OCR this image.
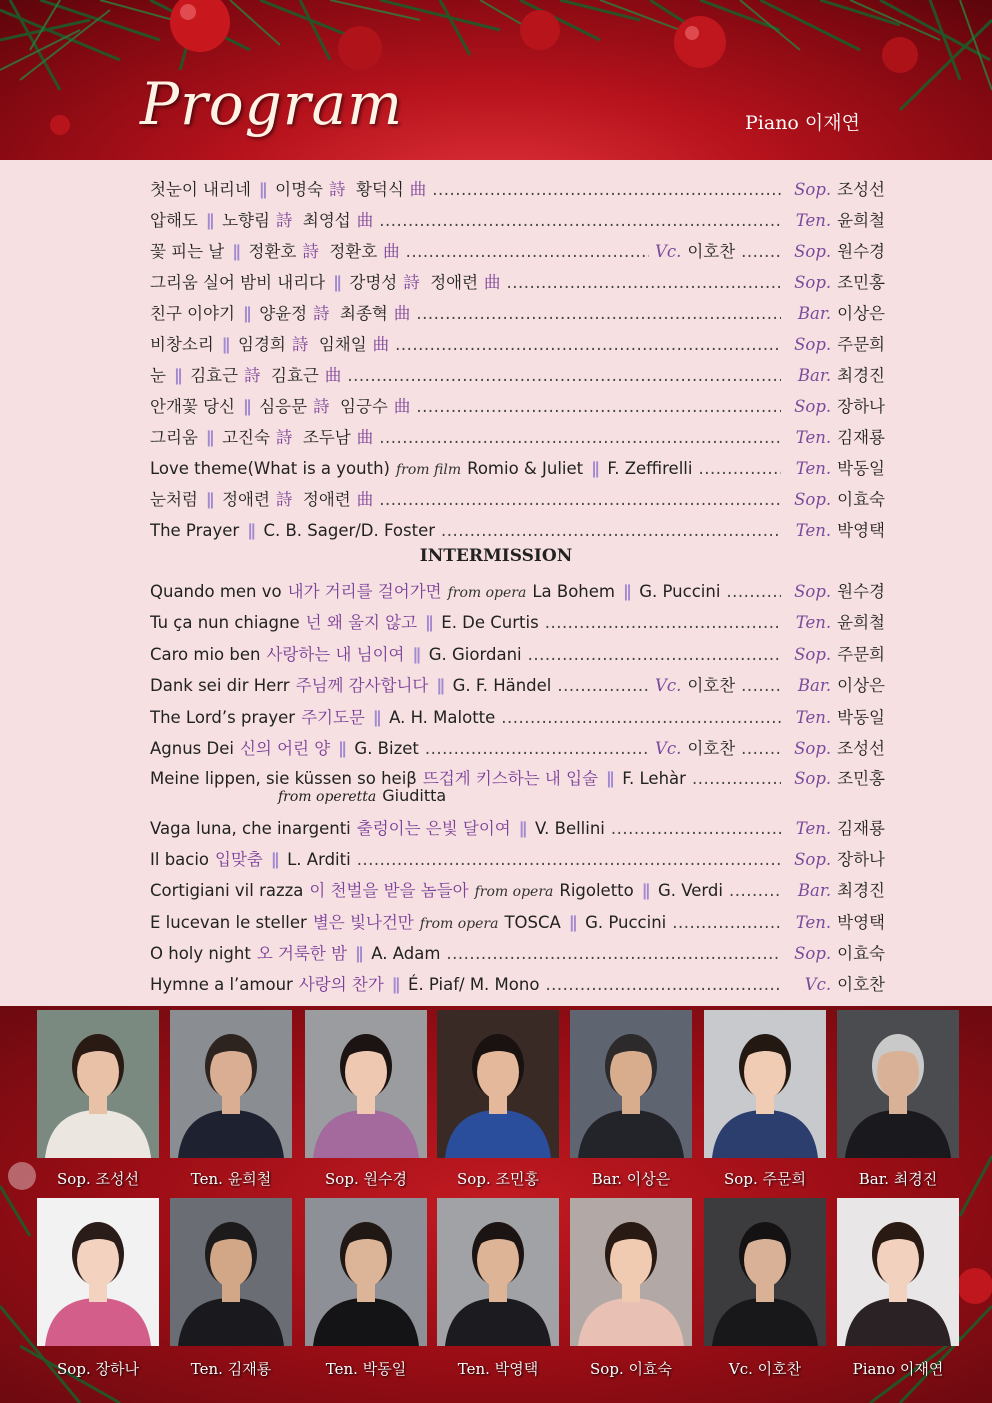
Program	Piano 이재연
첫눈이 내리네 ∥ 이명숙 詩 황덕식 曲 .....	Sop. 조성선
압해도 ∥ 노향림 詩 최영섭 曲 .....	Ten. 윤희철
꽃 피는 날 ∥ 정환호 詩 정환호 曲 .....	Vc. 이호찬 .....	Sop. 원수경
그리움 실어 밤비 내리다 ∥ 강명성 詩 정애련 曲 .....	Sop. 조민홍
친구 이야기 ∥ 양윤정 詩 최종혁 曲 .....	Bar. 이상은
비창소리 ∥ 임경희 詩 임채일 曲 .....	Sop. 주문희
눈 ∥ 김효근 詩 김효근 曲 .....	Bar. 최경진
안개꽃 당신 ∥ 심응문 詩 임긍수 曲 .....	Sop. 장하나
그리움 ∥ 고진숙 詩 조두남 曲 .....	Ten. 김재룡
Love theme(What is a youth) from film Romio & Juliet ∥ F. Zeffirelli .....	Ten. 박동일
눈처럼 ∥ 정애련 詩 정애련 曲 .....	Sop. 이효숙
The Prayer ∥ C. B. Sager/D. Foster .....	Ten. 박영택
Quando men vo 내가 거리를 걸어가면 from opera La Bohem ∥ G. Puccini .....	Sop. 원수경
Tu ça nun chiagne 넌 왜 울지 않고 ∥ E. De Curtis .....	Ten. 윤희철
Caro mio ben 사랑하는 내 님이여 ∥ G. Giordani .....	Sop. 주문희
Dank sei dir Herr 주님께 감사합니다 ∥ G. F. Händel .....	Vc. 이호찬 .....	Bar. 이상은
The Lord’s prayer 주기도문 ∥ A. H. Malotte .....	Ten. 박동일
Agnus Dei 신의 어린 양 ∥ G. Bizet .....	Vc. 이호찬 .....	Sop. 조성선
Meine lippen, sie küssen so heiβ 뜨겁게 키스하는 내 입술 ∥ F. Lehàr .....	Sop. 조민홍
from operetta Giuditta
Vaga luna, che inargenti 출렁이는 은빛 달이여 ∥ V. Bellini .....	Ten. 김재룡
Il bacio 입맞춤 ∥ L. Arditi .....	Sop. 장하나
Cortigiani vil razza 이 천벌을 받을 놈들아 from opera Rigoletto ∥ G. Verdi .....	Bar. 최경진
E lucevan le steller 별은 빛나건만 from opera TOSCA ∥ G. Puccini .....	Ten. 박영택
O holy night 오 거룩한 밤 ∥ A. Adam .....	Sop. 이효숙
Hymne a l’amour 사랑의 찬가 ∥ É. Piaf/ M. Mono .....	Vc. 이호찬
INTERMISSION
Sop. 조성선	Ten. 윤희철	Sop. 원수경	Sop. 조민홍	Bar. 이상은	Sop. 주문희	Bar. 최경진
Sop. 장하나	Ten. 김재룡	Ten. 박동일	Ten. 박영택	Sop. 이효숙	Vc. 이호찬	Piano 이재연
